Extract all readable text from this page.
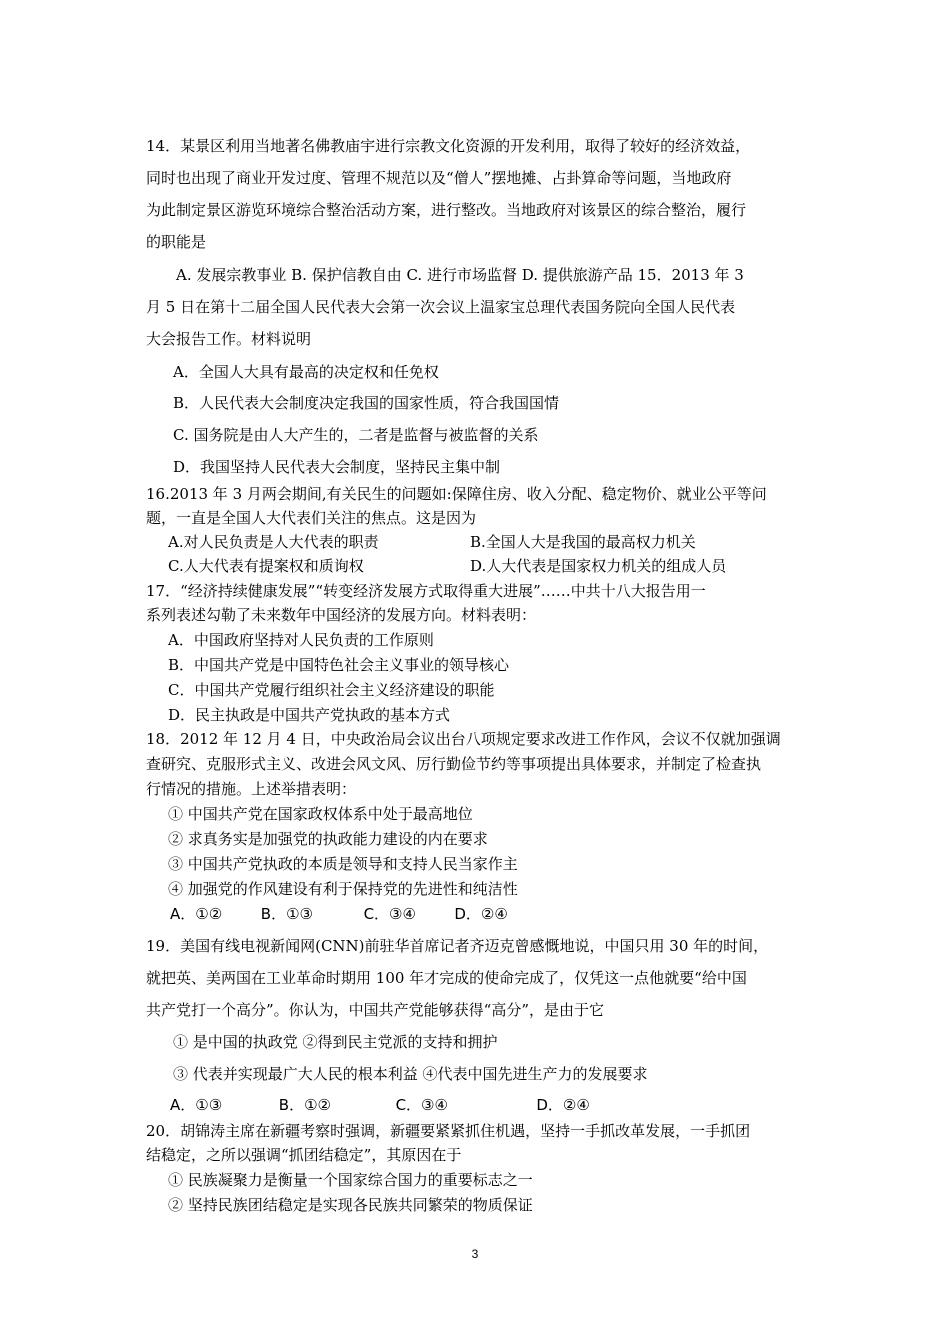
14．某景区利用当地著名佛教庙宇进行宗教文化资源的开发利用，取得了较好的经济效益，
同时也出现了商业开发过度、管理不规范以及“僧人”摆地摊、占卦算命等问题，当地政府
为此制定景区游览环境综合整治活动方案，进行整改。当地政府对该景区的综合整治，履行
的职能是
A. 发展宗教事业 B. 保护信教自由 C. 进行市场监督 D. 提供旅游产品 15．2013 年 3
月 5 日在第十二届全国人民代表大会第一次会议上温家宝总理代表国务院向全国人民代表
大会报告工作。材料说明
A．全国人大具有最高的决定权和任免权
B．人民代表大会制度决定我国的国家性质，符合我国国情
C. 国务院是由人大产生的，二者是监督与被监督的关系
D．我国坚持人民代表大会制度，坚持民主集中制
16.2013 年 3 月两会期间,有关民生的问题如:保障住房、收入分配、稳定物价、就业公平等问
题，一直是全国人大代表们关注的焦点。这是因为
A.对人民负责是人大代表的职责	B.全国人大是我国的最高权力机关
C.人大代表有提案权和质询权	D.人大代表是国家权力机关的组成人员
17．“经济持续健康发展”“转变经济发展方式取得重大进展”……中共十八大报告用一
系列表述勾勒了未来数年中国经济的发展方向。材料表明：
A．中国政府坚持对人民负责的工作原则
B．中国共产党是中国特色社会主义事业的领导核心
C．中国共产党履行组织社会主义经济建设的职能
D．民主执政是中国共产党执政的基本方式
18．2012 年 12 月 4 日，中央政治局会议出台八项规定要求改进工作作风，会议不仅就加强调
查研究、克服形式主义、改进会风文风、厉行勤俭节约等事项提出具体要求，并制定了检查执
行情况的措施。上述举措表明：
① 中国共产党在国家政权体系中处于最高地位
② 求真务实是加强党的执政能力建设的内在要求
③ 中国共产党执政的本质是领导和支持人民当家作主
④ 加强党的作风建设有利于保持党的先进性和纯洁性
19．美国有线电视新闻网(CNN)前驻华首席记者齐迈克曾感慨地说，中国只用 30 年的时间，
就把英、美两国在工业革命时期用 100 年才完成的使命完成了，仅凭这一点他就要“给中国
共产党打一个高分”。你认为，中国共产党能够获得“高分”，是由于它
① 是中国的执政党 ②得到民主党派的支持和拥护
③ 代表并实现最广大人民的根本利益 ④代表中国先进生产力的发展要求
20．胡锦涛主席在新疆考察时强调，新疆要紧紧抓住机遇，坚持一手抓改革发展，一手抓团
结稳定，之所以强调“抓团结稳定”，其原因在于
① 民族凝聚力是衡量一个国家综合国力的重要标志之一
② 坚持民族团结稳定是实现各民族共同繁荣的物质保证
A．①②	B．①③	C．③④	D．②④
A．①③	B．①②	C．③④	D．②④
3
